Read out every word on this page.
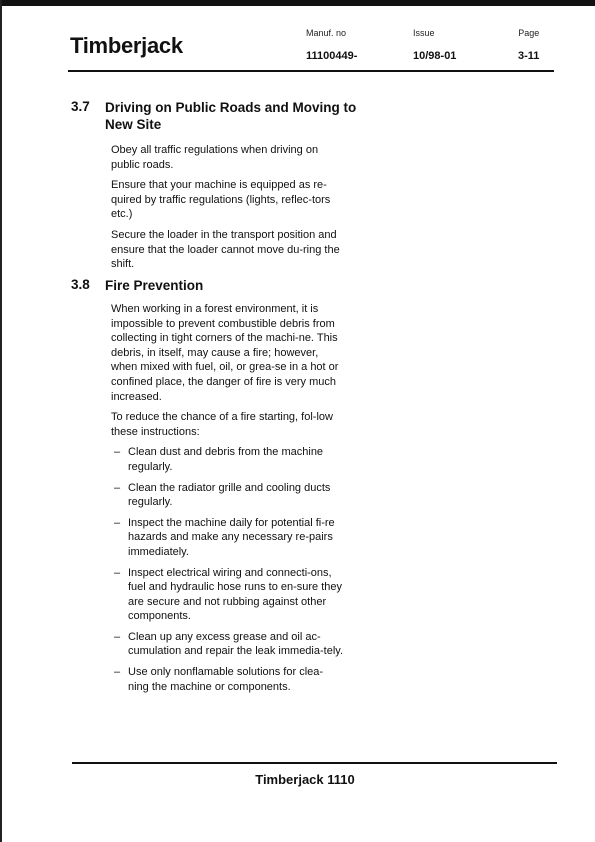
Timberjack	Manuf. no
11100449-
Issue
10/98-01
Page
3-11
3.7 Driving on Public Roads and Moving to New Site

Obey all traffic regulations when driving on public roads.

Ensure that your machine is equipped as re-quired by traffic regulations (lights, reflec-tors etc.)

Secure the loader in the transport position and ensure that the loader cannot move du-ring the shift.

3.8 Fire Prevention

When working in a forest environment, it is impossible to prevent combustible debris from collecting in tight corners of the machi-ne. This debris, in itself, may cause a fire; however, when mixed with fuel, oil, or grea-se in a hot or confined place, the danger of fire is very much increased.

To reduce the chance of a fire starting, fol-low these instructions:

– Clean dust and debris from the machine regularly.
– Clean the radiator grille and cooling ducts regularly.
– Inspect the machine daily for potential fi-re hazards and make any necessary re-pairs immediately.
– Inspect electrical wiring and connecti-ons, fuel and hydraulic hose runs to en-sure they are secure and not rubbing against other components.
– Clean up any excess grease and oil ac-cumulation and repair the leak immedia-tely.
– Use only nonflamable solutions for clea-ning the machine or components.
Timberjack 1110
